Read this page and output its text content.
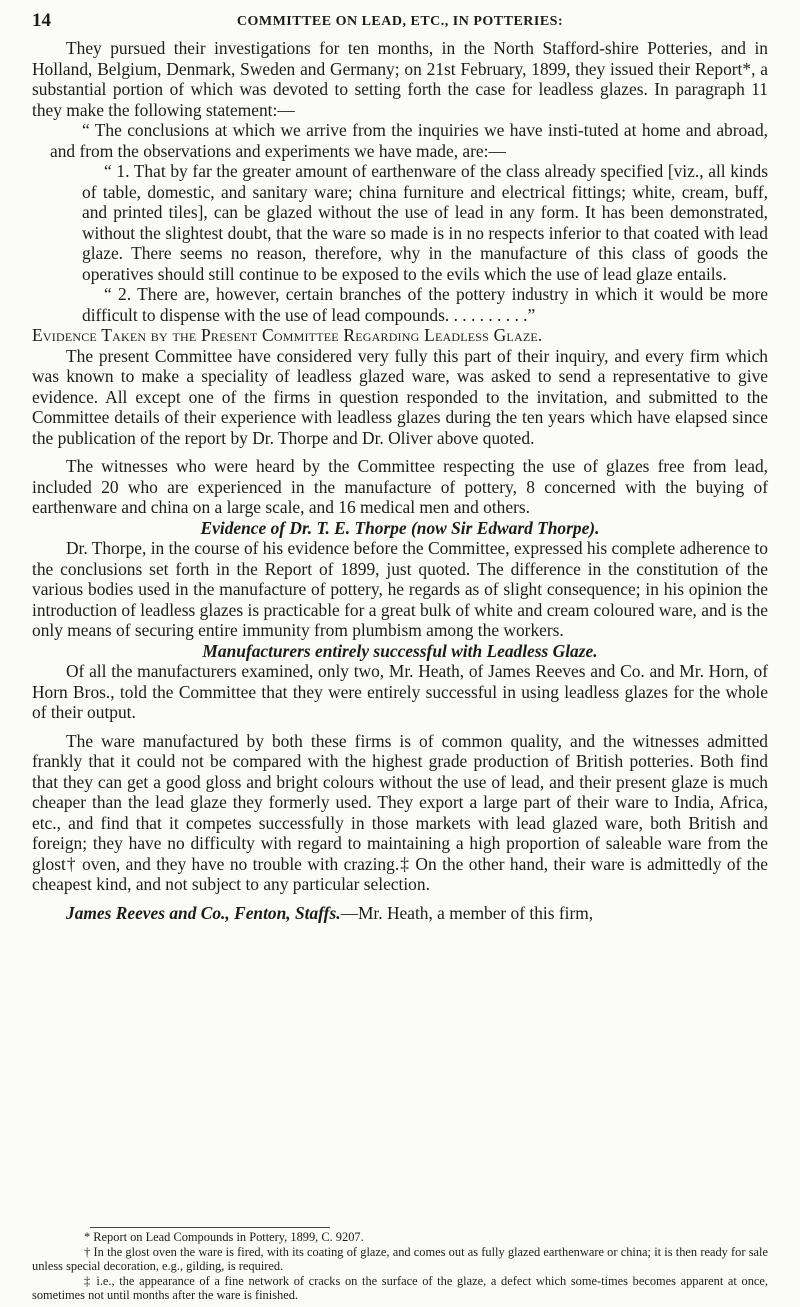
14	COMMITTEE ON LEAD, ETC., IN POTTERIES:

They pursued their investigations for ten months, in the North Stafford-shire Potteries, and in Holland, Belgium, Denmark, Sweden and Germany; on 21st February, 1899, they issued their Report*, a substantial portion of which was devoted to setting forth the case for leadless glazes. In paragraph 11 they make the following statement:—

“ The conclusions at which we arrive from the inquiries we have insti-tuted at home and abroad, and from the observations and experiments we have made, are:—

“ 1. That by far the greater amount of earthenware of the class already specified [viz., all kinds of table, domestic, and sanitary ware; china furniture and electrical fittings; white, cream, buff, and printed tiles], can be glazed without the use of lead in any form. It has been demonstrated, without the slightest doubt, that the ware so made is in no respects inferior to that coated with lead glaze. There seems no reason, therefore, why in the manufacture of this class of goods the operatives should still continue to be exposed to the evils which the use of lead glaze entails.

“ 2. There are, however, certain branches of the pottery industry in which it would be more difficult to dispense with the use of lead compounds. . . . . . . . . .”

Evidence Taken by the Present Committee Regarding Leadless Glaze.

The present Committee have considered very fully this part of their inquiry, and every firm which was known to make a speciality of leadless glazed ware, was asked to send a representative to give evidence. All except one of the firms in question responded to the invitation, and submitted to the Committee details of their experience with leadless glazes during the ten years which have elapsed since the publication of the report by Dr. Thorpe and Dr. Oliver above quoted.

The witnesses who were heard by the Committee respecting the use of glazes free from lead, included 20 who are experienced in the manufacture of pottery, 8 concerned with the buying of earthenware and china on a large scale, and 16 medical men and others.

Evidence of Dr. T. E. Thorpe (now Sir Edward Thorpe).

Dr. Thorpe, in the course of his evidence before the Committee, expressed his complete adherence to the conclusions set forth in the Report of 1899, just quoted. The difference in the constitution of the various bodies used in the manufacture of pottery, he regards as of slight consequence; in his opinion the introduction of leadless glazes is practicable for a great bulk of white and cream coloured ware, and is the only means of securing entire immunity from plumbism among the workers.

Manufacturers entirely successful with Leadless Glaze.

Of all the manufacturers examined, only two, Mr. Heath, of James Reeves and Co. and Mr. Horn, of Horn Bros., told the Committee that they were entirely successful in using leadless glazes for the whole of their output.

The ware manufactured by both these firms is of common quality, and the witnesses admitted frankly that it could not be compared with the highest grade production of British potteries. Both find that they can get a good gloss and bright colours without the use of lead, and their present glaze is much cheaper than the lead glaze they formerly used. They export a large part of their ware to India, Africa, etc., and find that it competes successfully in those markets with lead glazed ware, both British and foreign; they have no difficulty with regard to maintaining a high proportion of saleable ware from the glost† oven, and they have no trouble with crazing.‡ On the other hand, their ware is admittedly of the cheapest kind, and not subject to any particular selection.

James Reeves and Co., Fenton, Staffs.—Mr. Heath, a member of this firm,

* Report on Lead Compounds in Pottery, 1899, C. 9207.

† In the glost oven the ware is fired, with its coating of glaze, and comes out as fully glazed earthenware or china; it is then ready for sale unless special decoration, e.g., gilding, is required.

‡ i.e., the appearance of a fine network of cracks on the surface of the glaze, a defect which some-times becomes apparent at once, sometimes not until months after the ware is finished.
